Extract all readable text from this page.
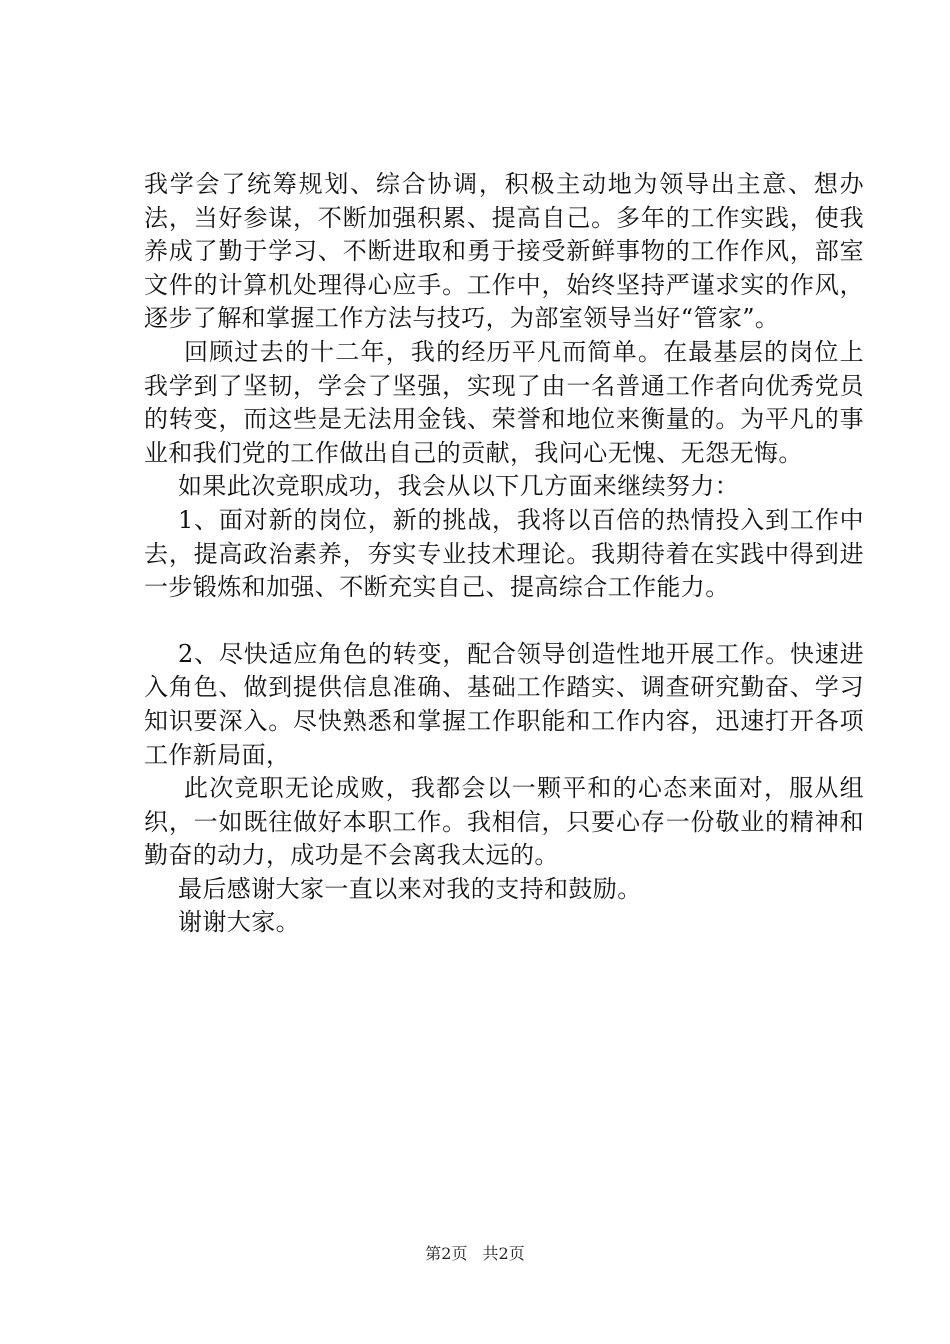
我学会了统筹规划、综合协调，积极主动地为领导出主意、想办法，当好参谋，不断加强积累、提高自己。多年的工作实践，使我养成了勤于学习、不断进取和勇于接受新鲜事物的工作作风，部室文件的计算机处理得心应手。工作中，始终坚持严谨求实的作风，逐步了解和掌握工作方法与技巧，为部室领导当好“管家”。

回顾过去的十二年，我的经历平凡而简单。在最基层的岗位上我学到了坚韧，学会了坚强，实现了由一名普通工作者向优秀党员的转变，而这些是无法用金钱、荣誉和地位来衡量的。为平凡的事业和我们党的工作做出自己的贡献，我问心无愧、无怨无悔。

如果此次竞职成功，我会从以下几方面来继续努力：

1、面对新的岗位，新的挑战，我将以百倍的热情投入到工作中去，提高政治素养，夯实专业技术理论。我期待着在实践中得到进一步锻炼和加强、不断充实自己、提高综合工作能力。

2、尽快适应角色的转变，配合领导创造性地开展工作。快速进入角色、做到提供信息准确、基础工作踏实、调查研究勤奋、学习知识要深入。尽快熟悉和掌握工作职能和工作内容，迅速打开各项工作新局面，

此次竞职无论成败，我都会以一颗平和的心态来面对，服从组织，一如既往做好本职工作。我相信，只要心存一份敬业的精神和勤奋的动力，成功是不会离我太远的。

最后感谢大家一直以来对我的支持和鼓励。

谢谢大家。

第2页 共2页
